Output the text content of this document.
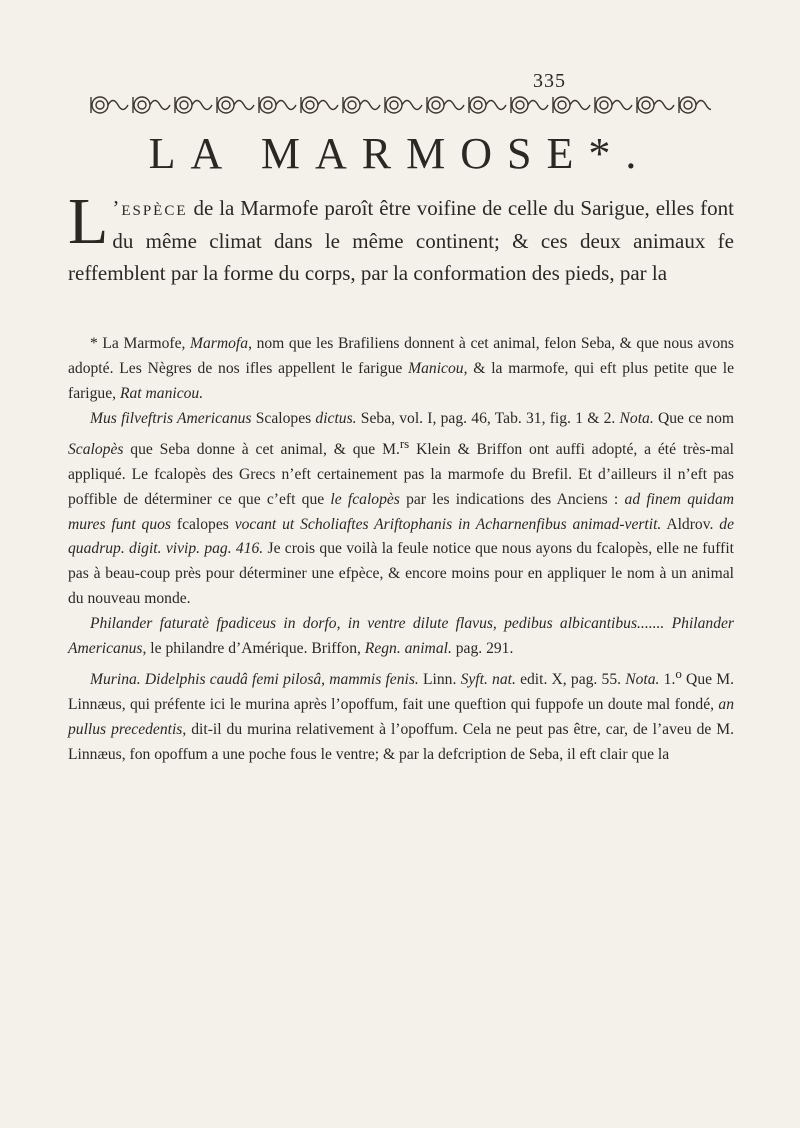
335
LA MARMOSE*.
L ’espèce de la Marmofe paroît être voifine de celle du Sarigue, elles font du même climat dans le même continent; & ces deux animaux fe reffemblent par la forme du corps, par la conformation des pieds, par la

* La Marmofe, Marmofa, nom que les Brafiliens donnent à cet animal, felon Seba, & que nous avons adopté. Les Nègres de nos ifles appellent le farigue Manicou, & la marmofe, qui eft plus petite que le farigue, Rat manicou.

Mus filveftris Americanus Scalopes dictus. Seba, vol. I, pag. 46, Tab. 31, fig. 1 & 2. Nota. Que ce nom Scalopès que Seba donne à cet animal, & que M.$^{rs}$ Klein & Briffon ont auffi adopté, a été très-mal appliqué. Le fcalopès des Grecs n’eft certainement pas la marmofe du Brefil. Et d’ailleurs il n’eft pas poffible de déterminer ce que c’eft que le fcalopès par les indications des Anciens : ad finem quidam mures funt quos fcalopes vocant ut Scholiaftes Ariftophanis in Acharnenfibus animad-vertit. Aldrov. de quadrup. digit. vivip. pag. 416. Je crois que voilà la feule notice que nous ayons du fcalopès, elle ne fuffit pas à beau-coup près pour déterminer une efpèce, & encore moins pour en appliquer le nom à un animal du nouveau monde.

Philander faturatè fpadiceus in dorfo, in ventre dilute flavus, pedibus albicantibus....... Philander Americanus, le philandre d’Amérique. Briffon, Regn. animal. pag. 291.

Murina. Didelphis caudâ femi pilosâ, mammis fenis. Linn. Syft. nat. edit. X, pag. 55. Nota. 1.$^o$ Que M. Linnæus, qui préfente ici le murina après l’opoffum, fait une queftion qui fuppofe un doute mal fondé, an pullus precedentis, dit-il du murina relativement à l’opoffum. Cela ne peut pas être, car, de l’aveu de M. Linnæus, fon opoffum a une poche fous le ventre; & par la defcription de Seba, il eft clair que la
